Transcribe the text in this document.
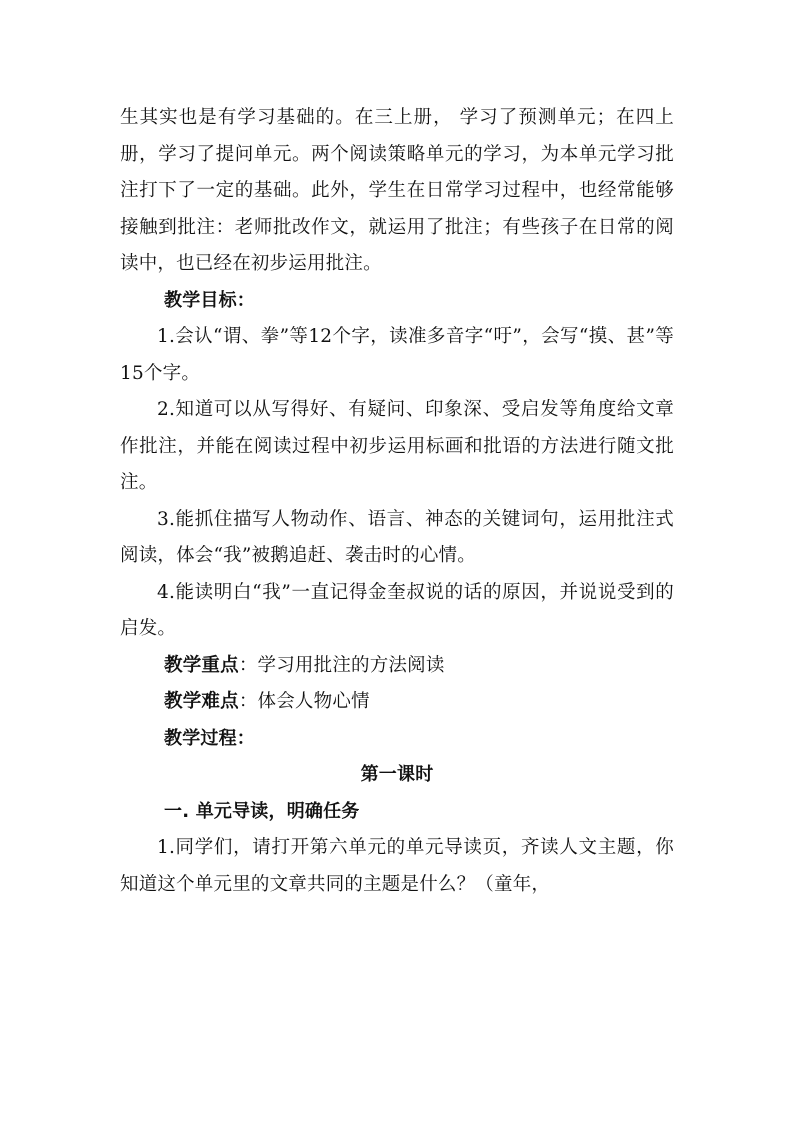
生其实也是有学习基础的。在三上册， 学习了预测单元；在四上册，学习了提问单元。两个阅读策略单元的学习，为本单元学习批注打下了一定的基础。此外，学生在日常学习过程中，也经常能够接触到批注：老师批改作文，就运用了批注；有些孩子在日常的阅读中，也已经在初步运用批注。

教学目标：

1.会认“谓、拳”等12个字，读准多音字“吁”，会写“摸、甚”等15个字。

2.知道可以从写得好、有疑问、印象深、受启发等角度给文章作批注，并能在阅读过程中初步运用标画和批语的方法进行随文批注。

3.能抓住描写人物动作、语言、神态的关键词句，运用批注式阅读，体会“我”被鹅追赶、袭击时的心情。

4.能读明白“我”一直记得金奎叔说的话的原因，并说说受到的启发。

教学重点：学习用批注的方法阅读

教学难点：体会人物心情

教学过程：

第一课时

一. 单元导读，明确任务

1.同学们，请打开第六单元的单元导读页，齐读人文主题，你知道这个单元里的文章共同的主题是什么？（童年，
